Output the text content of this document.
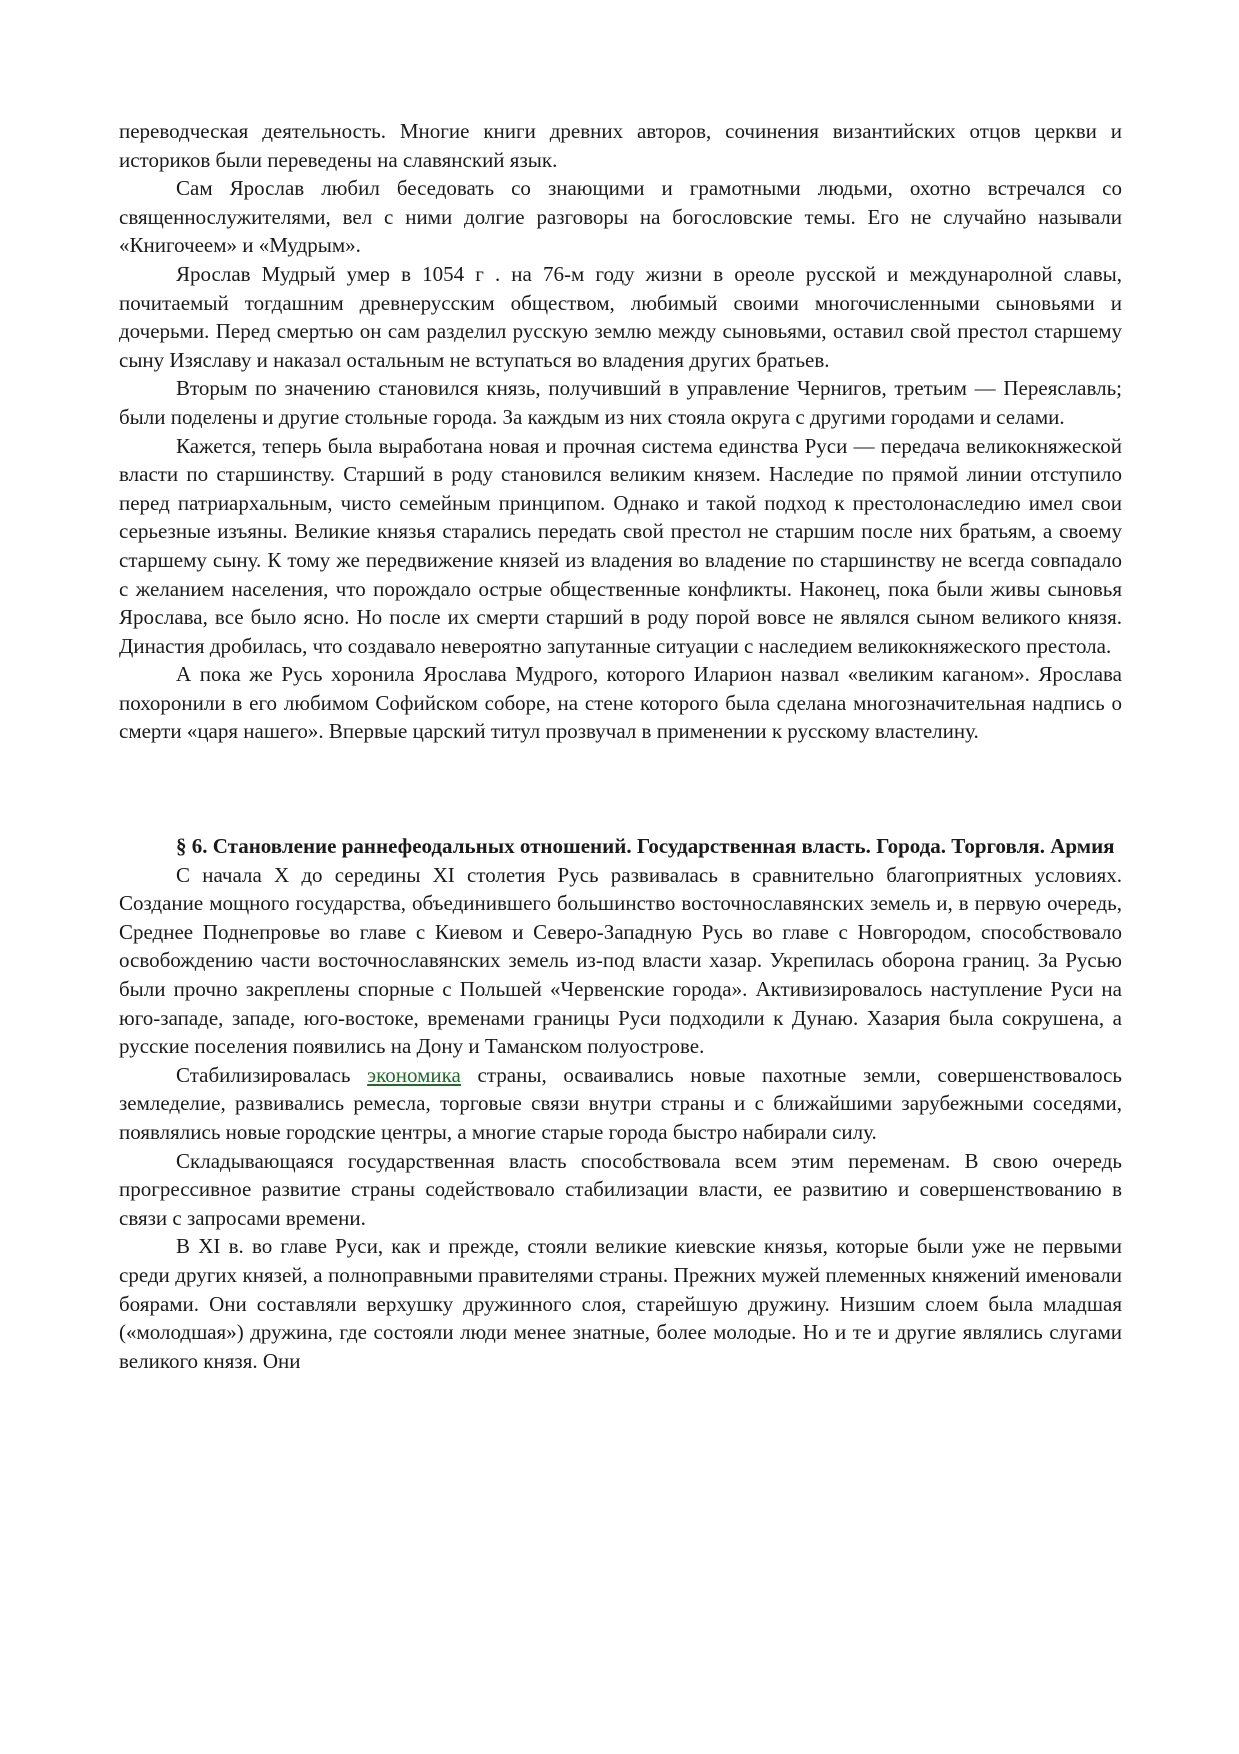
переводческая деятельность. Многие книги древних авторов, сочинения византийских отцов церкви и историков были переведены на славянский язык.

Сам Ярослав любил беседовать со знающими и грамотными людьми, охотно встречался со священнослужителями, вел с ними долгие разговоры на богословские темы. Его не случайно называли «Книгочеем» и «Мудрым».

Ярослав Мудрый умер в 1054 г . на 76-м году жизни в ореоле русской и междунаролной славы, почитаемый тогдашним древнерусским обществом, любимый своими многочисленными сыновьями и дочерьми. Перед смертью он сам разделил русскую землю между сыновьями, оставил свой престол старшему сыну Изяславу и наказал остальным не вступаться во владения других братьев.

Вторым по значению становился князь, получивший в управление Чернигов, третьим — Переяславль; были поделены и другие стольные города. За каждым из них стояла округа с другими городами и селами.

Кажется, теперь была выработана новая и прочная система единства Руси — передача великокняжеской власти по старшинству. Старший в роду становился великим князем. Наследие по прямой линии отступило перед патриархальным, чисто семейным принципом. Однако и такой подход к престолонаследию имел свои серьезные изъяны. Великие князья старались передать свой престол не старшим после них братьям, а своему старшему сыну. К тому же передвижение князей из владения во владение по старшинству не всегда совпадало с желанием населения, что порождало острые общественные конфликты. Наконец, пока были живы сыновья Ярослава, все было ясно. Но после их смерти старший в роду порой вовсе не являлся сыном великого князя. Династия дробилась, что создавало невероятно запутанные ситуации с наследием великокняжеского престола.

А пока же Русь хоронила Ярослава Мудрого, которого Иларион назвал «великим каганом». Ярослава похоронили в его любимом Софийском соборе, на стене которого была сделана многозначительная надпись о смерти «царя нашего». Впервые царский титул прозвучал в применении к русскому властелину.

§ 6. Становление раннефеодальных отношений. Государственная власть. Города. Торговля. Армия

С начала X до середины XI столетия Русь развивалась в сравнительно благоприятных условиях. Создание мощного государства, объединившего большинство восточнославянских земель и, в первую очередь, Среднее Поднепровье во главе с Киевом и Северо-Западную Русь во главе с Новгородом, способствовало освобождению части восточнославянских земель из-под власти хазар. Укрепилась оборона границ. За Русью были прочно закреплены спорные с Польшей «Червенские города». Активизировалось наступление Руси на юго-западе, западе, юго-востоке, временами границы Руси подходили к Дунаю. Хазария была сокрушена, а русские поселения появились на Дону и Таманском полуострове.

Стабилизировалась экономика страны, осваивались новые пахотные земли, совершенствовалось земледелие, развивались ремесла, торговые связи внутри страны и с ближайшими зарубежными соседями, появлялись новые городские центры, а многие старые города быстро набирали силу.

Складывающаяся государственная власть способствовала всем этим переменам. В свою очередь прогрессивное развитие страны содействовало стабилизации власти, ее развитию и совершенствованию в связи с запросами времени.

В XI в. во главе Руси, как и прежде, стояли великие киевские князья, которые были уже не первыми среди других князей, а полноправными правителями страны. Прежних мужей племенных княжений именовали боярами. Они составляли верхушку дружинного слоя, старейшую дружину. Низшим слоем была младшая («молодшая») дружина, где состояли люди менее знатные, более молодые. Но и те и другие являлись слугами великого князя. Они
